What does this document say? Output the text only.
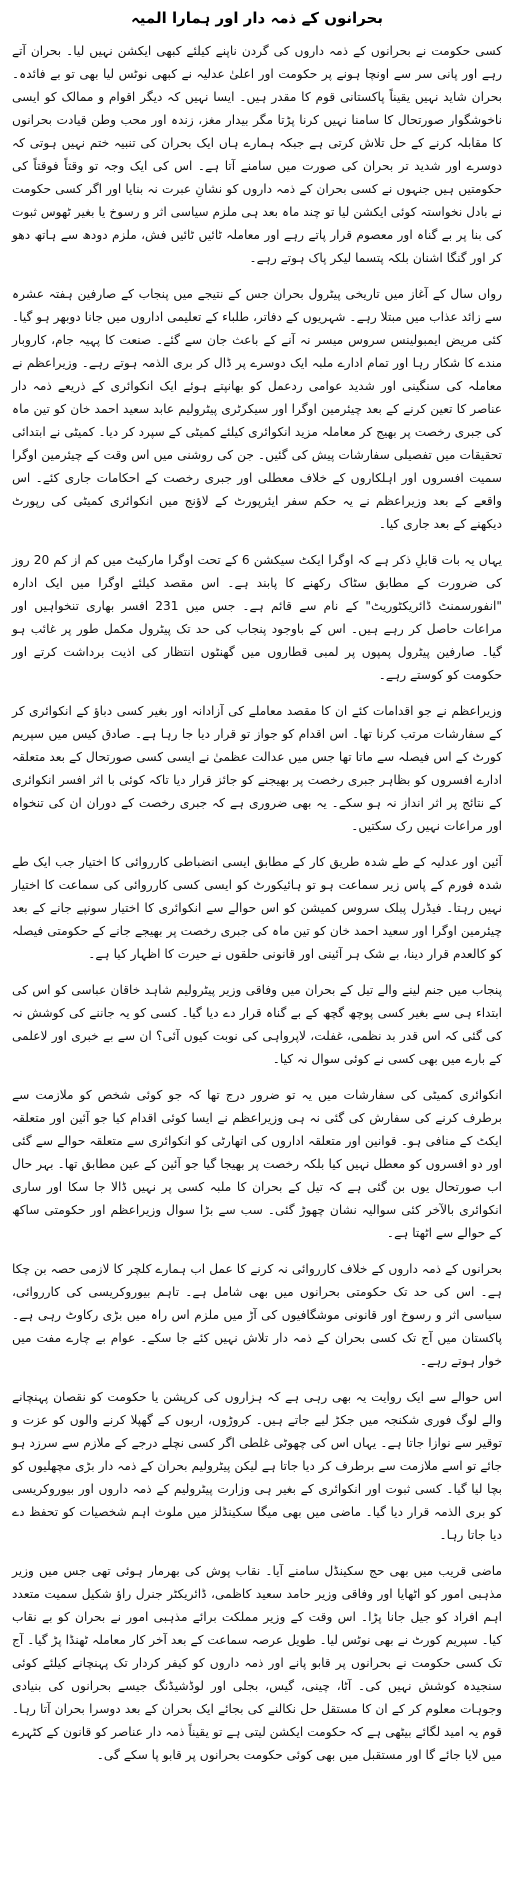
بحرانوں کے ذمہ دار اور ہمارا المیہ

کسی حکومت نے بحرانوں کے ذمہ داروں کی گردن ناپنے کیلئے کبھی ایکشن نہیں لیا۔ بحران آتے رہے اور پانی سر سے اونچا ہونے پر حکومت اور اعلیٰ عدلیہ نے کبھی نوٹس لیا بھی تو بے فائدہ۔ بحران شاید نہیں یقیناً پاکستانی قوم کا مقدر ہیں۔ ایسا نہیں کہ دیگر اقوام و ممالک کو ایسی ناخوشگوار صورتحال کا سامنا نہیں کرنا پڑتا مگر بیدار مغز، زندہ اور محب وطن قیادت بحرانوں کا مقابلہ کرنے کے حل تلاش کرتی ہے جبکہ ہمارے ہاں ایک بحران کی تنبیہ ختم نہیں ہوتی کہ دوسرے اور شدید تر بحران کی صورت میں سامنے آتا ہے۔ اس کی ایک وجہ تو وقتاً فوقتاً کی حکومتیں ہیں جنہوں نے کسی بحران کے ذمہ داروں کو نشانِ عبرت نہ بنایا اور اگر کسی حکومت نے بادل نخواستہ کوئی ایکشن لیا تو چند ماہ بعد ہی ملزم سیاسی اثر و رسوخ یا بغیر ٹھوس ثبوت کی بنا پر بے گناہ اور معصوم قرار پاتے رہے اور معاملہ ٹائیں ٹائیں فش، ملزم دودھ سے ہاتھ دھو کر اور گنگا اشنان بلکہ پتسما لیکر پاک ہوتے رہے۔

رواں سال کے آغاز میں تاریخی پیٹرول بحران جس کے نتیجے میں پنجاب کے صارفین ہفتہ عشرہ سے زائد عذاب میں مبتلا رہے۔ شہریوں کے دفاتر، طلباء کے تعلیمی اداروں میں جانا دوبھر ہو گیا۔ کئی مریض ایمبولینس سروس میسر نہ آنے کے باعث جان سے گئے۔ صنعت کا پہیہ جام، کاروبار مندے کا شکار رہا اور تمام ادارے ملبہ ایک دوسرے پر ڈال کر بری الذمہ ہوتے رہے۔ وزیراعظم نے معاملہ کی سنگینی اور شدید عوامی ردعمل کو بھانپتے ہوئے ایک انکوائری کے ذریعے ذمہ دار عناصر کا تعین کرنے کے بعد چیئرمین اوگرا اور سیکرٹری پیٹرولیم عابد سعید احمد خان کو تین ماہ کی جبری رخصت پر بھیج کر معاملہ مزید انکوائری کیلئے کمیٹی کے سپرد کر دیا۔ کمیٹی نے ابتدائی تحقیقات میں تفصیلی سفارشات پیش کی گئیں۔ جن کی روشنی میں اس وقت کے چیئرمین اوگرا سمیت افسروں اور اہلکاروں کے خلاف معطلی اور جبری رخصت کے احکامات جاری کئے۔ اس واقعے کے بعد وزیراعظم نے یہ حکم سفر ایئرپورٹ کے لاؤنج میں انکوائری کمیٹی کی رپورٹ دیکھنے کے بعد جاری کیا۔

یہاں یہ بات قابلِ ذکر ہے کہ اوگرا ایکٹ سیکشن 6 کے تحت اوگرا مارکیٹ میں کم از کم 20 روز کی ضرورت کے مطابق سٹاک رکھنے کا پابند ہے۔ اس مقصد کیلئے اوگرا میں ایک ادارہ "انفورسمنٹ ڈائریکٹوریٹ" کے نام سے قائم ہے۔ جس میں 231 افسر بھاری تنخواہیں اور مراعات حاصل کر رہے ہیں۔ اس کے باوجود پنجاب کی حد تک پیٹرول مکمل طور پر غائب ہو گیا۔ صارفین پیٹرول پمپوں پر لمبی قطاروں میں گھنٹوں انتظار کی اذیت برداشت کرتے اور حکومت کو کوستے رہے۔

وزیراعظم نے جو اقدامات کئے ان کا مقصد معاملے کی آزادانہ اور بغیر کسی دباؤ کے انکوائری کر کے سفارشات مرتب کرنا تھا۔ اس اقدام کو جواز تو قرار دیا جا رہا ہے۔ صادق کیس میں سپریم کورٹ کے اس فیصلہ سے ماتا تھا جس میں عدالت عظمیٰ نے ایسی کسی صورتحال کے بعد متعلقہ ادارے افسروں کو بظاہر جبری رخصت پر بھیجنے کو جائز قرار دیا تاکہ کوئی با اثر افسر انکوائری کے نتائج پر اثر انداز نہ ہو سکے۔ یہ بھی ضروری ہے کہ جبری رخصت کے دوران ان کی تنخواہ اور مراعات نہیں رک سکتیں۔

آئین اور عدلیہ کے طے شدہ طریق کار کے مطابق ایسی انضباطی کارروائی کا اختیار جب ایک طے شدہ فورم کے پاس زیر سماعت ہو تو ہائیکورٹ کو ایسی کسی کارروائی کی سماعت کا اختیار نہیں رہتا۔ فیڈرل پبلک سروس کمیشن کو اس حوالے سے انکوائری کا اختیار سونپے جانے کے بعد چیئرمین اوگرا اور سعید احمد خان کو تین ماہ کی جبری رخصت پر بھیجے جانے کے حکومتی فیصلہ کو کالعدم قرار دینا، بے شک ہر آئینی اور قانونی حلقوں نے حیرت کا اظہار کیا ہے۔

پنجاب میں جنم لینے والے تیل کے بحران میں وفاقی وزیر پیٹرولیم شاہد خاقان عباسی کو اس کی ابتداء ہی سے بغیر کسی پوچھ گچھ کے بے گناہ قرار دے دیا گیا۔ کسی کو یہ جاننے کی کوشش نہ کی گئی کہ اس قدر بد نظمی، غفلت، لاپرواہی کی نوبت کیوں آئی؟ ان سے بے خبری اور لاعلمی کے بارے میں بھی کسی نے کوئی سوال نہ کیا۔

انکوائری کمیٹی کی سفارشات میں یہ تو ضرور درج تھا کہ جو کوئی شخص کو ملازمت سے برطرف کرنے کی سفارش کی گئی نہ ہی وزیراعظم نے ایسا کوئی اقدام کیا جو آئین اور متعلقہ ایکٹ کے منافی ہو۔ قوانین اور متعلقہ اداروں کی اتھارٹی کو انکوائری سے متعلقہ حوالے سے گئی اور دو افسروں کو معطل نہیں کیا بلکہ رخصت پر بھیجا گیا جو آئین کے عین مطابق تھا۔ بہر حال اب صورتحال یوں بن گئی ہے کہ تیل کے بحران کا ملبہ کسی پر نہیں ڈالا جا سکا اور ساری انکوائری بالآخر کئی سوالیہ نشان چھوڑ گئی۔ سب سے بڑا سوال وزیراعظم اور حکومتی ساکھ کے حوالے سے اٹھتا ہے۔

بحرانوں کے ذمہ داروں کے خلاف کارروائی نہ کرنے کا عمل اب ہمارے کلچر کا لازمی حصہ بن چکا ہے۔ اس کی حد تک حکومتی بحرانوں میں بھی شامل ہے۔ تاہم بیوروکریسی کی کارروائی، سیاسی اثر و رسوخ اور قانونی موشگافیوں کی آڑ میں ملزم اس راہ میں بڑی رکاوٹ رہی ہے۔ پاکستان میں آج تک کسی بحران کے ذمہ دار تلاش نہیں کئے جا سکے۔ عوام بے چارے مفت میں خوار ہوتے رہے۔

اس حوالے سے ایک روایت یہ بھی رہی ہے کہ ہزاروں کی کرپشن یا حکومت کو نقصان پہنچانے والے لوگ فوری شکنجہ میں جکڑ لیے جاتے ہیں۔ کروڑوں، اربوں کے گھپلا کرنے والوں کو عزت و توقیر سے نوازا جاتا ہے۔ یہاں اس کی چھوٹی غلطی اگر کسی نچلے درجے کے ملازم سے سرزد ہو جائے تو اسے ملازمت سے برطرف کر دیا جاتا ہے لیکن پیٹرولیم بحران کے ذمہ دار بڑی مچھلیوں کو بچا لیا گیا۔ کسی ثبوت اور انکوائری کے بغیر ہی وزارت پیٹرولیم کے ذمہ داروں اور بیوروکریسی کو بری الذمہ قرار دیا گیا۔ ماضی میں بھی میگا سکینڈلز میں ملوث اہم شخصیات کو تحفظ دے دیا جاتا رہا۔

ماضی قریب میں بھی حج سکینڈل سامنے آیا۔ نقاب پوش کی بھرمار ہوئی تھی جس میں وزیر مذہبی امور کو اٹھایا اور وفاقی وزیر حامد سعید کاظمی، ڈائریکٹر جنرل راؤ شکیل سمیت متعدد اہم افراد کو جیل جانا پڑا۔ اس وقت کے وزیر مملکت برائے مذہبی امور نے بحران کو بے نقاب کیا۔ سپریم کورٹ نے بھی نوٹس لیا۔ طویل عرصہ سماعت کے بعد آخر کار معاملہ ٹھنڈا پڑ گیا۔ آج تک کسی حکومت نے بحرانوں پر قابو پانے اور ذمہ داروں کو کیفر کردار تک پہنچانے کیلئے کوئی سنجیدہ کوشش نہیں کی۔ آٹا، چینی، گیس، بجلی اور لوڈشیڈنگ جیسے بحرانوں کی بنیادی وجوہات معلوم کر کے ان کا مستقل حل نکالنے کی بجائے ایک بحران کے بعد دوسرا بحران آتا رہا۔ قوم یہ امید لگائے بیٹھی ہے کہ حکومت ایکشن لیتی ہے تو یقیناً ذمہ دار عناصر کو قانون کے کٹہرے میں لایا جائے گا اور مستقبل میں بھی کوئی حکومت بحرانوں پر قابو پا سکے گی۔
